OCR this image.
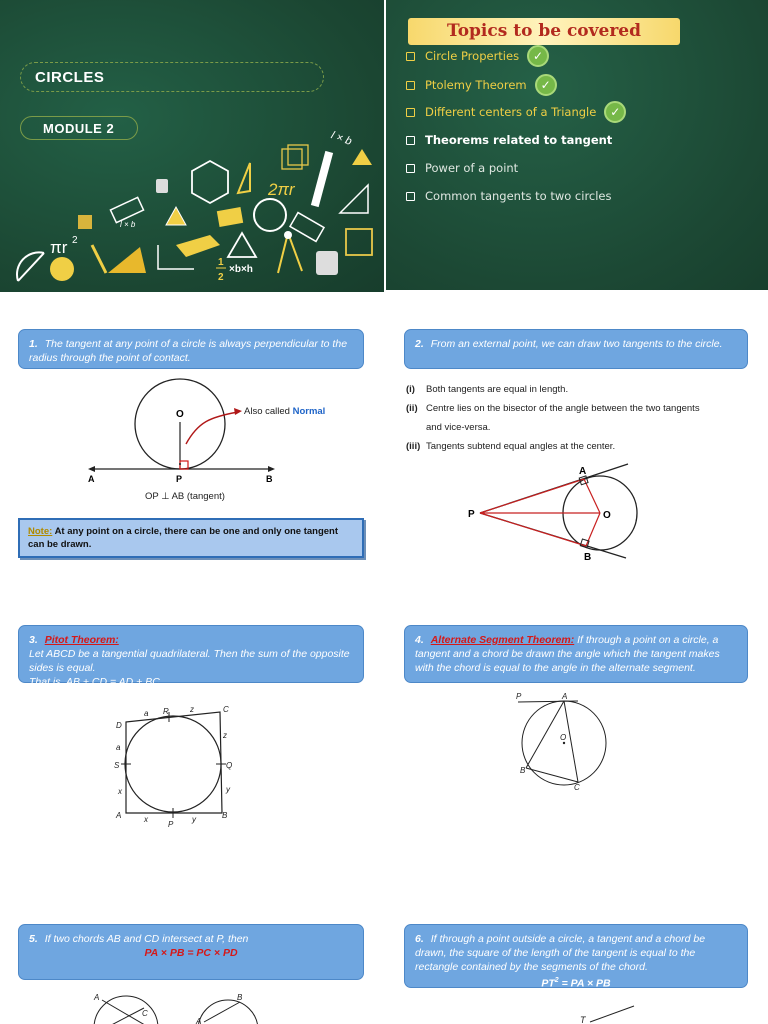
CIRCLES
MODULE 2
2πr
l × b
l × b
πr 2
1
2
×b×h
Topics to be covered
Circle Properties	✓
Ptolemy Theorem	✓
Different centers of a Triangle	✓
Theorems related to tangent
Power of a point
Common tangents to two circles
1. The tangent at any point of a circle is always perpendicular to the radius through the point of contact.
O
A	P	B
Also called Normal
OP ⊥ AB (tangent)
Note: At any point on a circle, there can be one and only one tangent can be drawn.
2. From an external point, we can draw two tangents to the circle.
(i) Both tangents are equal in length.
(ii) Centre lies on the bisector of the angle between the two tangents
and vice-versa.
(iii) Tangents subtend equal angles at the center.
A
B
P	O
3. Pitot Theorem:
Let ABCD be a tangential quadrilateral. Then the sum of the opposite sides is equal.
That is, AB + CD = AD + BC.
D
a R	z	C
a
z
S	Q
x	y
A	x
P
y	B
4. Alternate Segment Theorem: If through a point on a circle, a tangent and a chord be drawn the angle which the tangent makes with the chord is equal to the angle in the alternate segment.
P	A
O
B
C
5. If two chords AB and CD intersect at P, then
PA × PB = PC × PD
A
C
B
A
6. If through a point outside a circle, a tangent and a chord be drawn, the square of the length of the tangent is equal to the rectangle contained by the segments of the chord.
$PT^2$ = PA × PB
T
